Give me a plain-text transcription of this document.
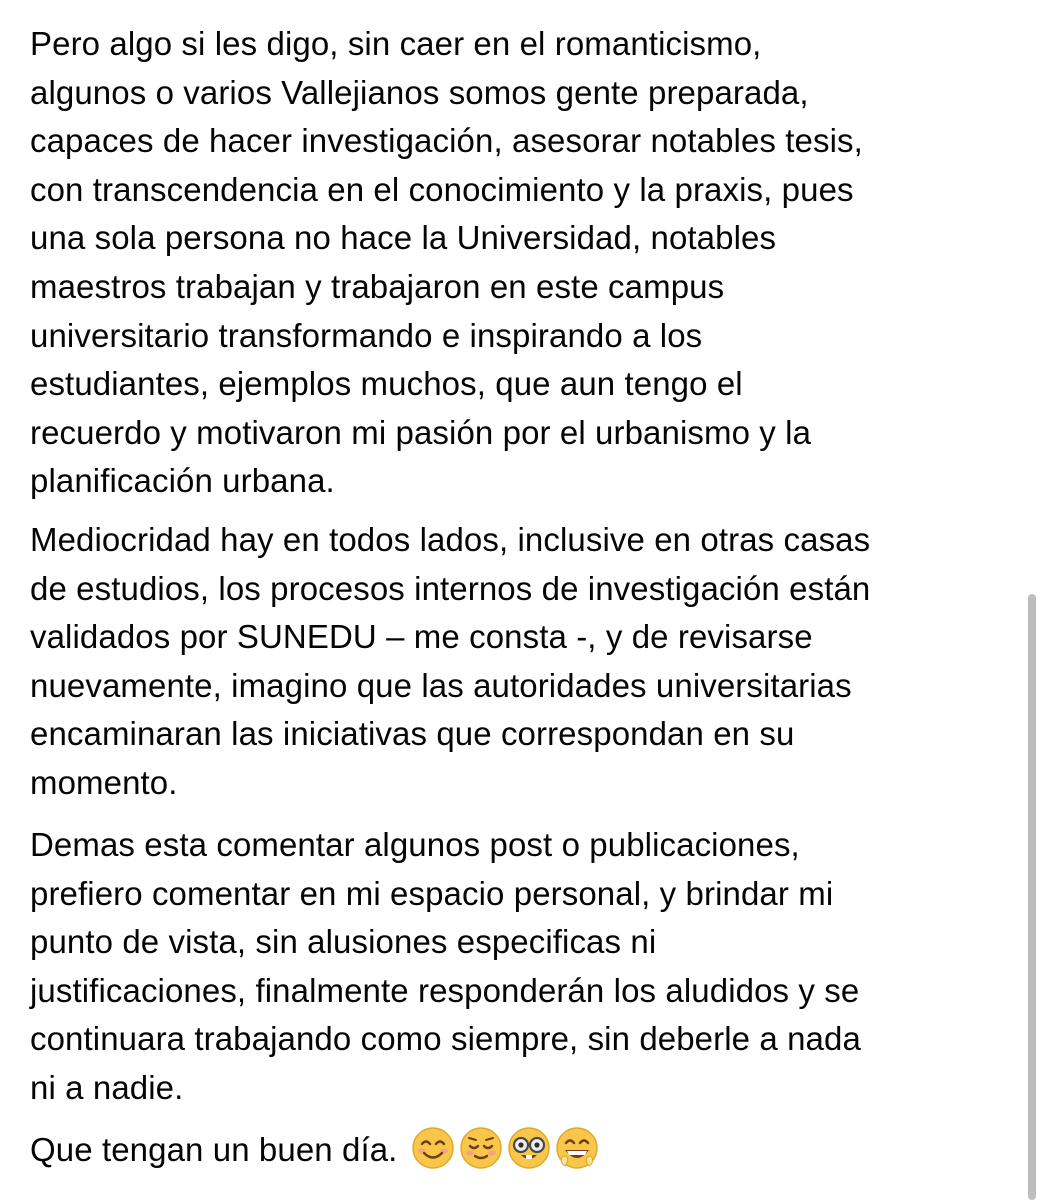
Pero algo si les digo, sin caer en el romanticismo,
algunos o varios Vallejianos somos gente preparada,
capaces de hacer investigación, asesorar notables tesis,
con transcendencia en el conocimiento y la praxis, pues
una sola persona no hace la Universidad, notables
maestros trabajan y trabajaron en este campus
universitario transformando e inspirando a los
estudiantes, ejemplos muchos, que aun tengo el
recuerdo y motivaron mi pasión por el urbanismo y la
planificación urbana.

Mediocridad hay en todos lados, inclusive en otras casas
de estudios, los procesos internos de investigación están
validados por SUNEDU – me consta -, y de revisarse
nuevamente, imagino que las autoridades universitarias
encaminaran las iniciativas que correspondan en su
momento.

Demas esta comentar algunos post o publicaciones,
prefiero comentar en mi espacio personal, y brindar mi
punto de vista, sin alusiones especificas ni
justificaciones, finalmente responderán los aludidos y se
continuara trabajando como siempre, sin deberle a nada
ni a nadie.

Que tengan un buen día.
